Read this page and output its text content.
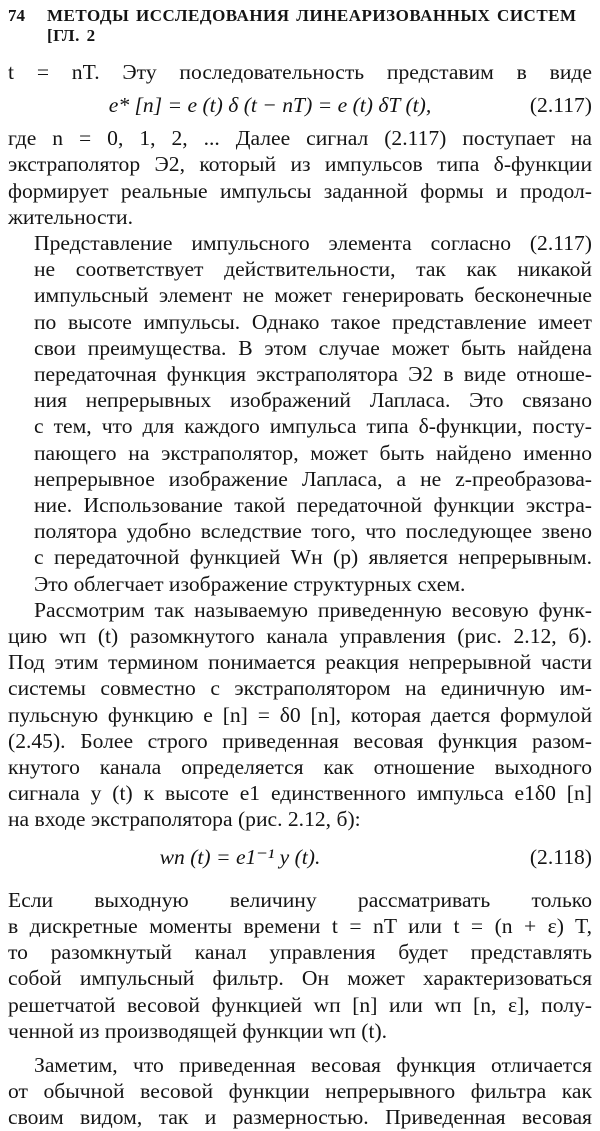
74 МЕТОДЫ ИССЛЕДОВАНИЯ ЛИНЕАРИЗОВАННЫХ СИСТЕМ [ГЛ. 2
t = nT. Эту последовательность представим в виде
e* [n] = e (t) δ (t − nT) = e (t) δT (t),	(2.117)
где n = 0, 1, 2, ... Далее сигнал (2.117) поступает на
экстраполятор Э2, который из импульсов типа δ-функции
формирует реальные импульсы заданной формы и продол-
жительности.
Представление импульсного элемента согласно (2.117)
не соответствует действительности, так как никакой
импульсный элемент не может генерировать бесконечные
по высоте импульсы. Однако такое представление имеет
свои преимущества. В этом случае может быть найдена
передаточная функция экстраполятора Э2 в виде отноше-
ния непрерывных изображений Лапласа. Это связано
с тем, что для каждого импульса типа δ-функции, посту-
пающего на экстраполятор, может быть найдено именно
непрерывное изображение Лапласа, а не z-преобразова-
ние. Использование такой передаточной функции экстра-
полятора удобно вследствие того, что последующее звено
с передаточной функцией Wн (p) является непрерывным.
Это облегчает изображение структурных схем.
Рассмотрим так называемую приведенную весовую функ-
цию wп (t) разомкнутого канала управления (рис. 2.12, б).
Под этим термином понимается реакция непрерывной части
системы совместно с экстраполятором на единичную им-
пульсную функцию e [n] = δ0 [n], которая дается формулой
(2.45). Более строго приведенная весовая функция разом-
кнутого канала определяется как отношение выходного
сигнала y (t) к высоте e1 единственного импульса e1δ0 [n]
на входе экстраполятора (рис. 2.12, б):
wп (t) = e1⁻¹ y (t).	(2.118)
Если выходную величину рассматривать только
в дискретные моменты времени t = nT или t = (n + ε) T,
то разомкнутый канал управления будет представлять
собой импульсный фильтр. Он может характеризоваться
решетчатой весовой функцией wп [n] или wп [n, ε], полу-
ченной из производящей функции wп (t).
Заметим, что приведенная весовая функция отличается
от обычной весовой функции непрерывного фильтра как
своим видом, так и размерностью. Приведенная весовая
